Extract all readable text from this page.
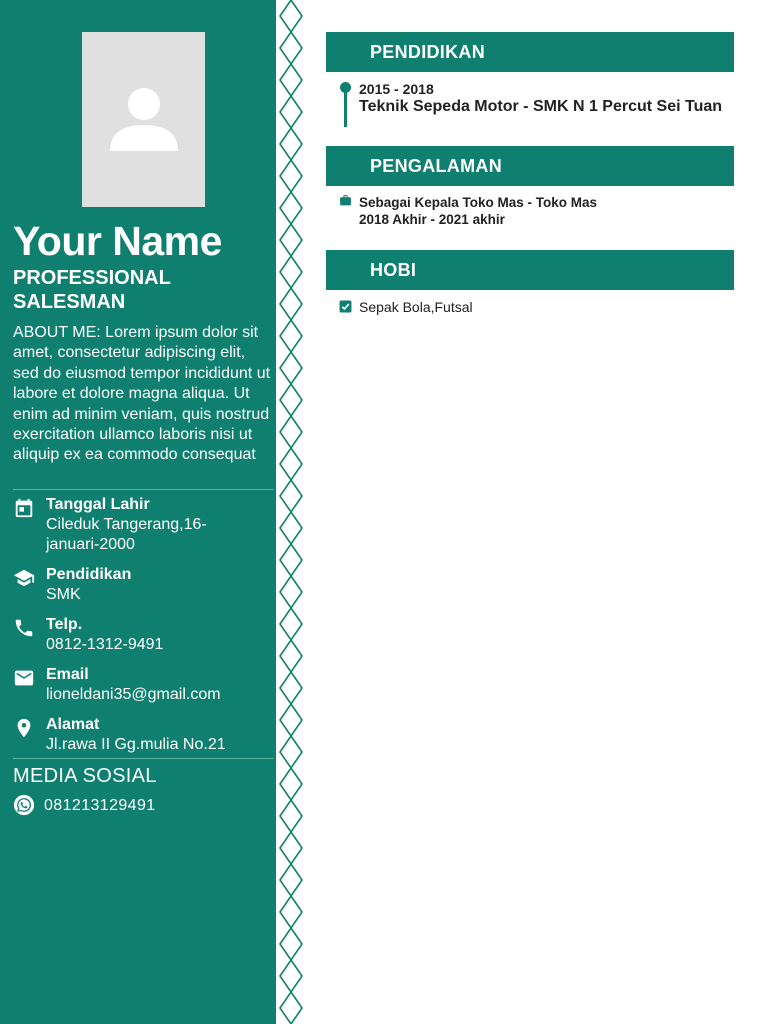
Your Name
PROFESSIONAL SALESMAN
ABOUT ME: Lorem ipsum dolor sit amet, consectetur adipiscing elit, sed do eiusmod tempor incididunt ut labore et dolore magna aliqua. Ut enim ad minim veniam, quis nostrud exercitation ullamco laboris nisi ut aliquip ex ea commodo consequat
Tanggal Lahir
Cileduk Tangerang,16-januari-2000
Pendidikan
SMK
Telp.
0812-1312-9491
Email
lioneldani35@gmail.com
Alamat
Jl.rawa II Gg.mulia No.21
MEDIA SOSIAL
081213129491
PENDIDIKAN
2015 - 2018
Teknik Sepeda Motor - SMK N 1 Percut Sei Tuan
PENGALAMAN
Sebagai Kepala Toko Mas - Toko Mas
2018 Akhir - 2021 akhir
HOBI
Sepak Bola,Futsal
